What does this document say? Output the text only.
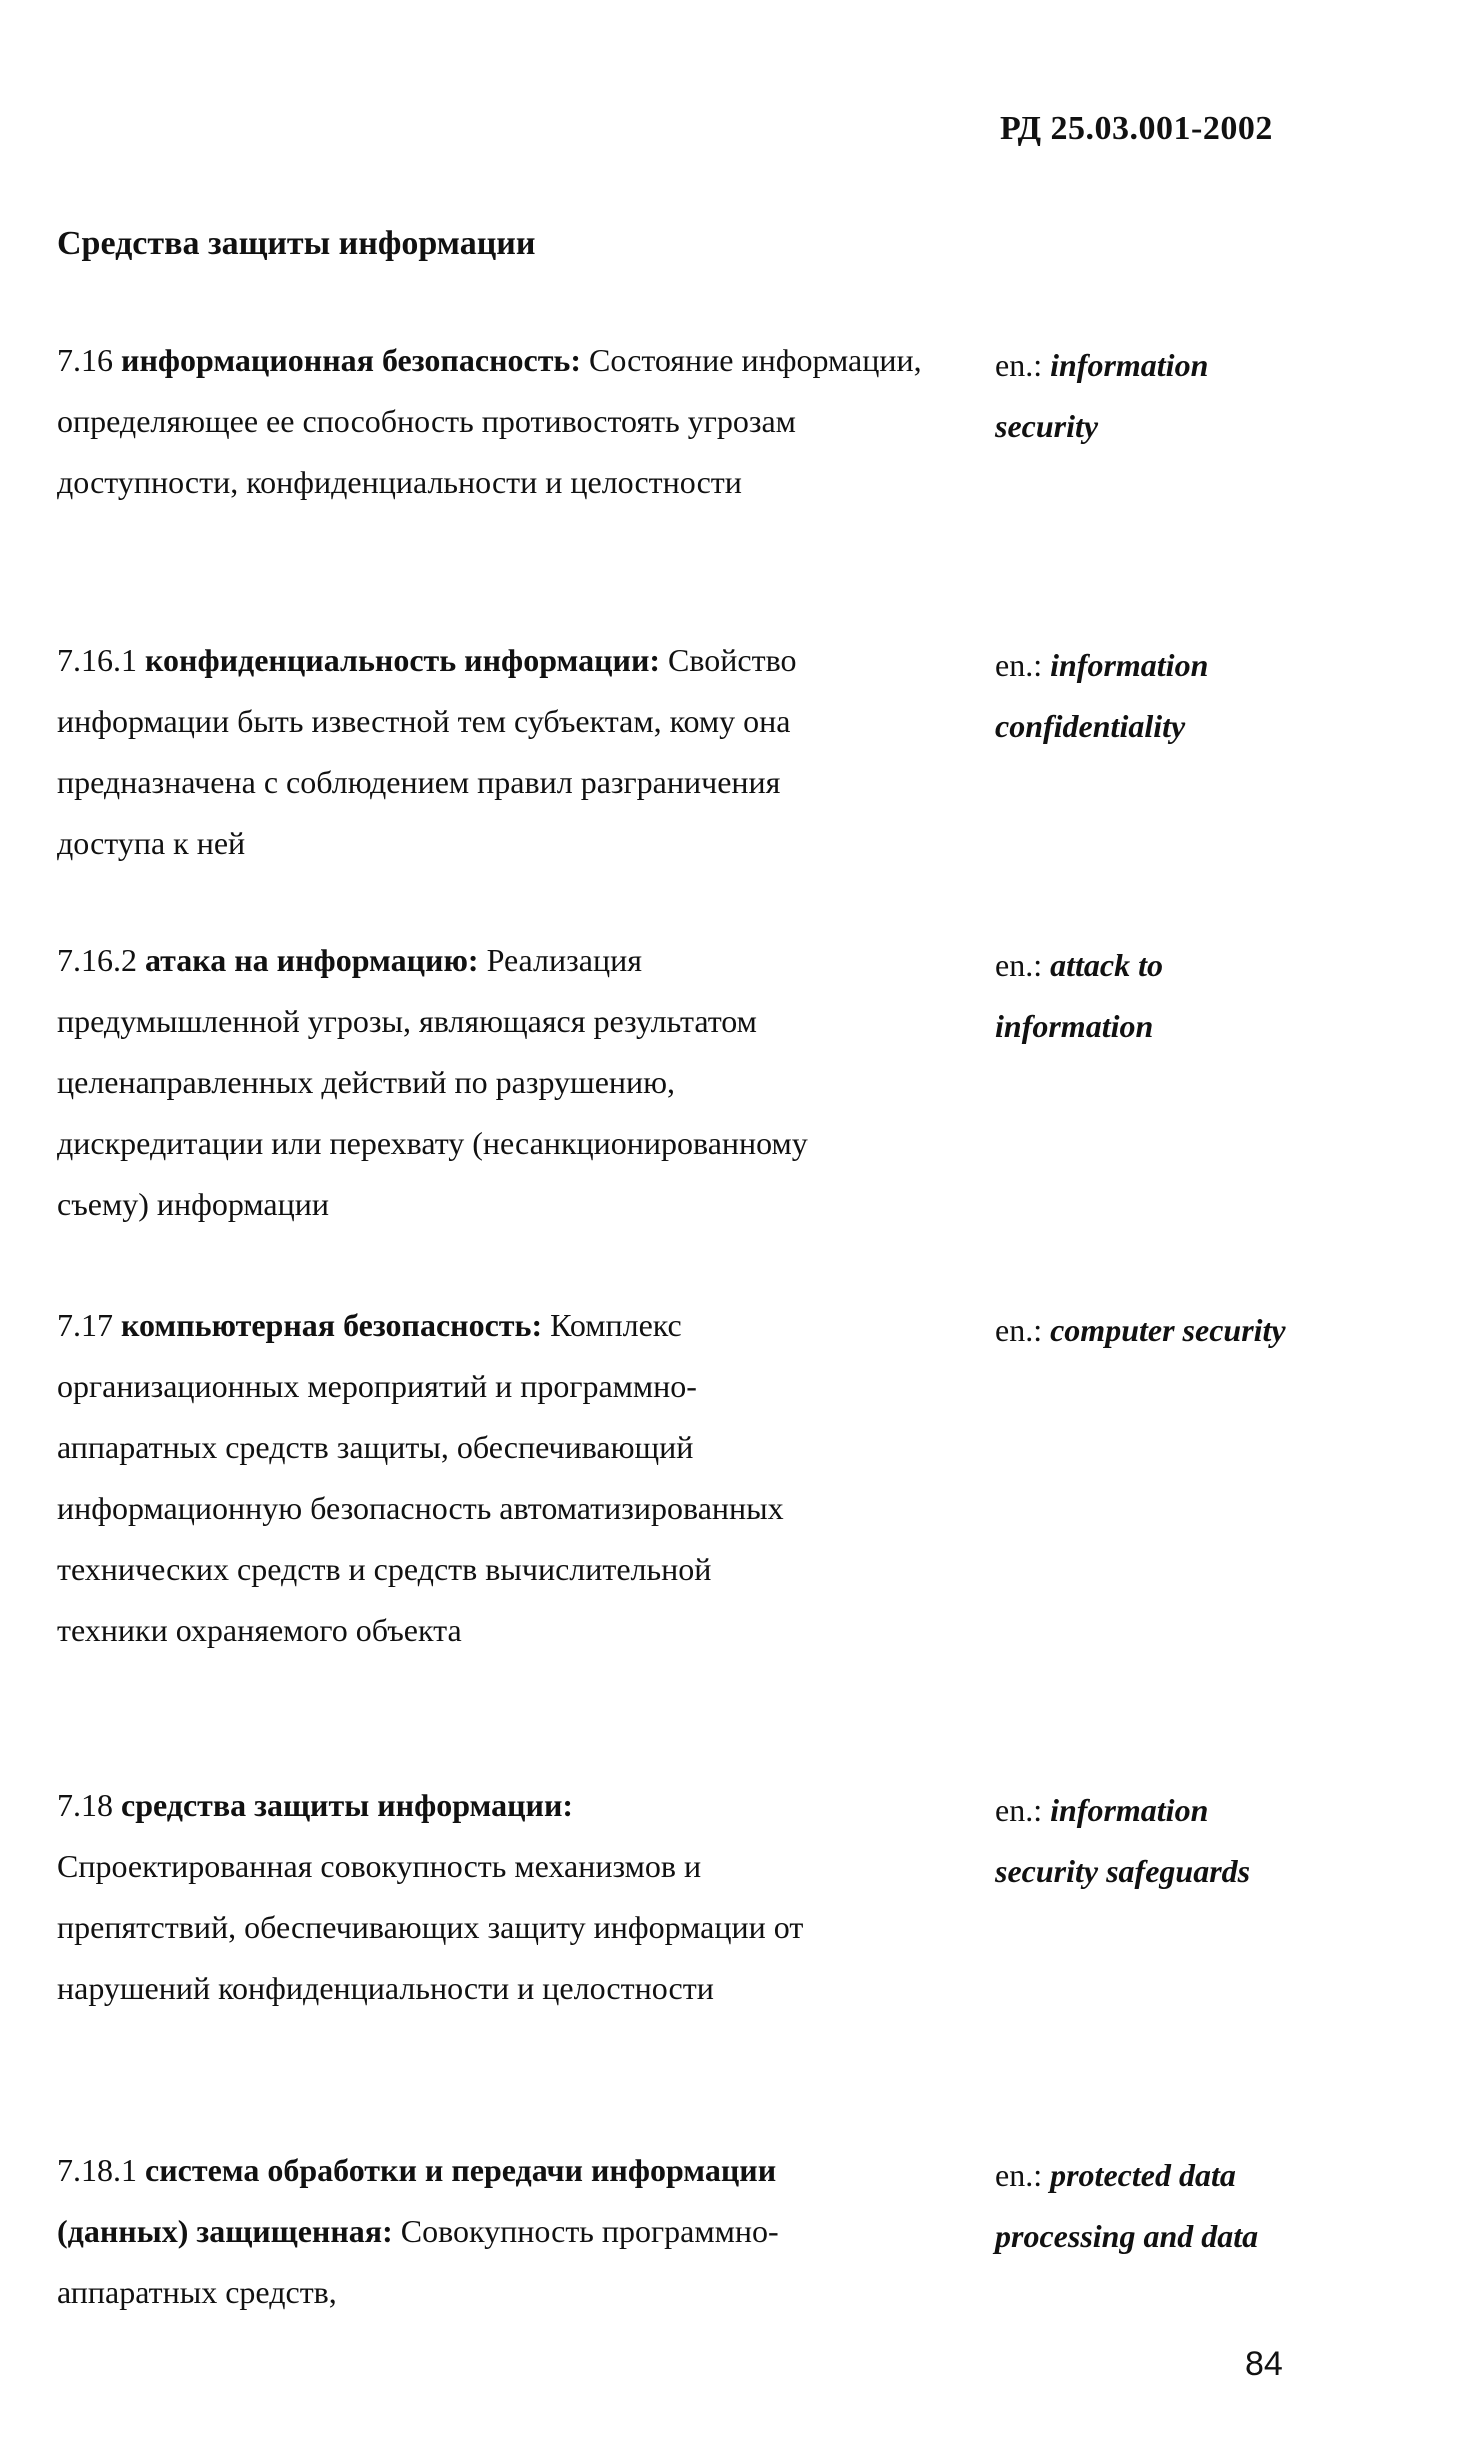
РД 25.03.001-2002
Средства защиты информации
7.16 информационная безопасность: Состояние информации, определяющее ее способность противостоять угрозам доступности, конфиденциальности и целостности
en.: information security
7.16.1 конфиденциальность информации: Свойство информации быть известной тем субъектам, кому она предназначена с соблюдением правил разграничения доступа к ней
en.: information confidentiality
7.16.2 атака на информацию: Реализация предумышленной угрозы, являющаяся результатом целенаправленных действий по разрушению, дискредитации или перехвату (несанкционированному съему) информации
en.: attack to information
7.17 компьютерная безопасность: Комплекс организационных мероприятий и программно-аппаратных средств защиты, обеспечивающий информационную безопасность автоматизированных технических средств и средств вычислительной техники охраняемого объекта
en.: computer security
7.18 средства защиты информации: Спроектированная совокупность механизмов и препятствий, обеспечивающих защиту информации от нарушений конфиденциальности и целостности
en.: information security safeguards
7.18.1 система обработки и передачи информации (данных) защищенная: Совокупность программно-аппаратных средств,
en.: protected data processing and data
84
